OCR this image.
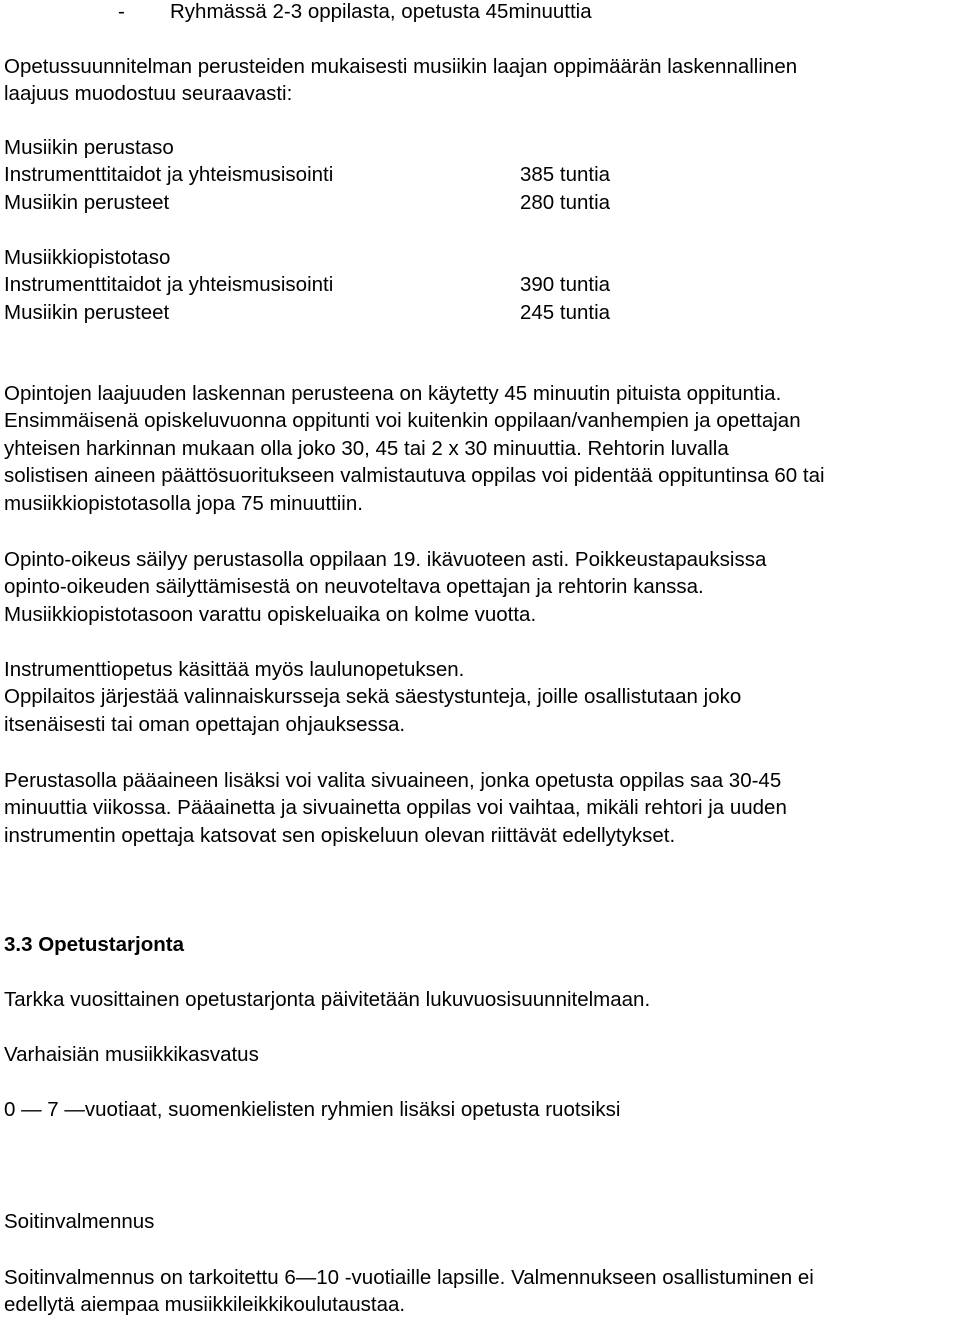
- Ryhmässä 2-3 oppilasta, opetusta 45minuuttia
Opetussuunnitelman perusteiden mukaisesti musiikin laajan oppimäärän laskennallinen
laajuus muodostuu seuraavasti:
Musiikin perustaso
Instrumenttitaidot ja yhteismusisointi	385 tuntia
Musiikin perusteet	280 tuntia
Musiikkiopistotaso
Instrumenttitaidot ja yhteismusisointi	390 tuntia
Musiikin perusteet	245 tuntia
Opintojen laajuuden laskennan perusteena on käytetty 45 minuutin pituista oppituntia.
Ensimmäisenä opiskeluvuonna oppitunti voi kuitenkin oppilaan/vanhempien ja opettajan
yhteisen harkinnan mukaan olla joko 30, 45 tai 2 x 30 minuuttia. Rehtorin luvalla
solistisen aineen päättösuoritukseen valmistautuva oppilas voi pidentää oppituntinsa 60 tai
musiikkiopistotasolla jopa 75 minuuttiin.
Opinto-oikeus säilyy perustasolla oppilaan 19. ikävuoteen asti. Poikkeustapauksissa
opinto-oikeuden säilyttämisestä on neuvoteltava opettajan ja rehtorin kanssa.
Musiikkiopistotasoon varattu opiskeluaika on kolme vuotta.
Instrumenttiopetus käsittää myös laulunopetuksen.
Oppilaitos järjestää valinnaiskursseja sekä säestystunteja, joille osallistutaan joko
itsenäisesti tai oman opettajan ohjauksessa.
Perustasolla pääaineen lisäksi voi valita sivuaineen, jonka opetusta oppilas saa 30-45
minuuttia viikossa. Pääainetta ja sivuainetta oppilas voi vaihtaa, mikäli rehtori ja uuden
instrumentin opettaja katsovat sen opiskeluun olevan riittävät edellytykset.
3.3 Opetustarjonta
Tarkka vuosittainen opetustarjonta päivitetään lukuvuosisuunnitelmaan.
Varhaisiän musiikkikasvatus
0 — 7 —vuotiaat, suomenkielisten ryhmien lisäksi opetusta ruotsiksi
Soitinvalmennus
Soitinvalmennus on tarkoitettu 6—10 -vuotiaille lapsille. Valmennukseen osallistuminen ei
edellytä aiempaa musiikkileikkikoulutaustaa.
